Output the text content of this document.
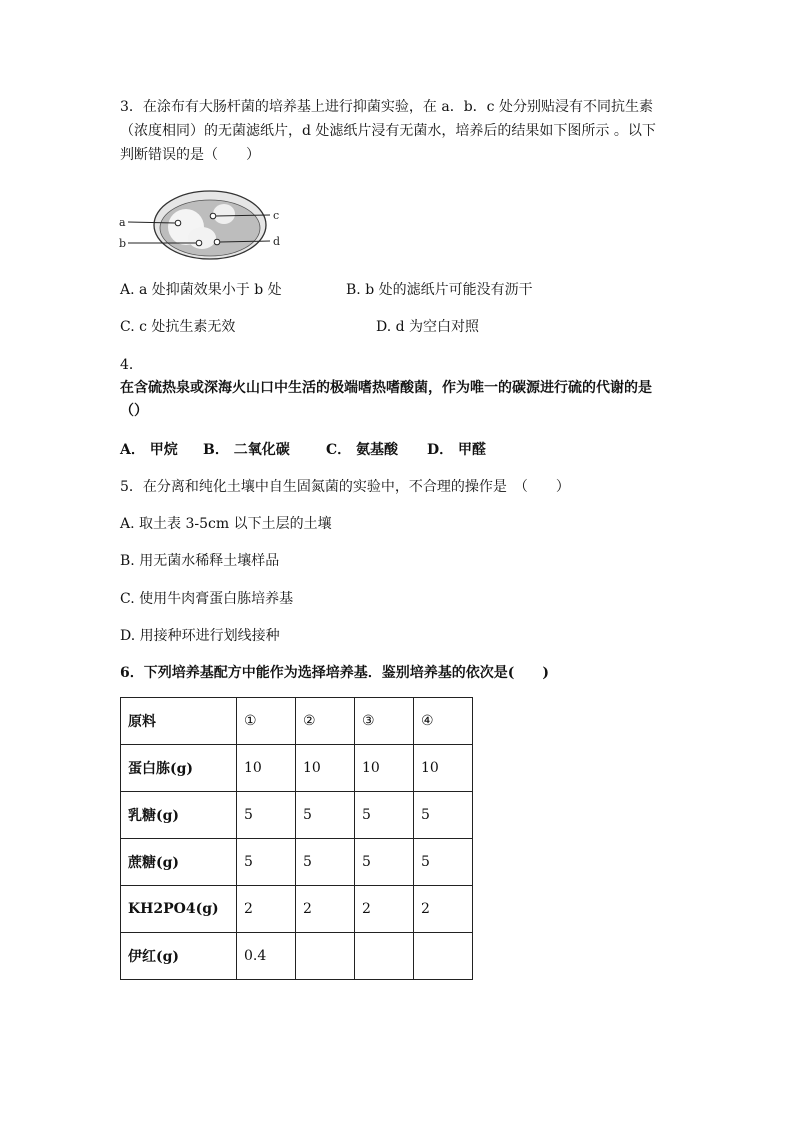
3．在涂布有大肠杆菌的培养基上进行抑菌实验，在 a．b．c 处分别贴浸有不同抗生素
（浓度相同）的无菌滤纸片，d 处滤纸片浸有无菌水，培养后的结果如下图所示 。以下
判断错误的是（　　）
a
b
c
d
A. a 处抑菌效果小于 b 处	B. b 处的滤纸片可能没有沥干
C. c 处抗生素无效	D. d 为空白对照
4．
在含硫热泉或深海火山口中生活的极端嗜热嗜酸菌，作为唯一的碳源进行硫的代谢的是
（）
A． 甲烷 B． 二氧化碳	C． 氨基酸 D． 甲醛
5．在分离和纯化土壤中自生固氮菌的实验中，不合理的操作是　（　　）
A. 取土表 3-5cm 以下土层的土壤
B. 用无菌水稀释土壤样品
C. 使用牛肉膏蛋白胨培养基
D. 用接种环进行划线接种
6．下列培养基配方中能作为选择培养基．鉴别培养基的依次是(　　)
原料	①	②	③	④
蛋白胨(g)	10	10	10	10
乳糖(g)	5	5	5	5
蔗糖(g)	5	5	5	5
KH2PO4(g)	2	2	2	2
伊红(g)	0.4			
